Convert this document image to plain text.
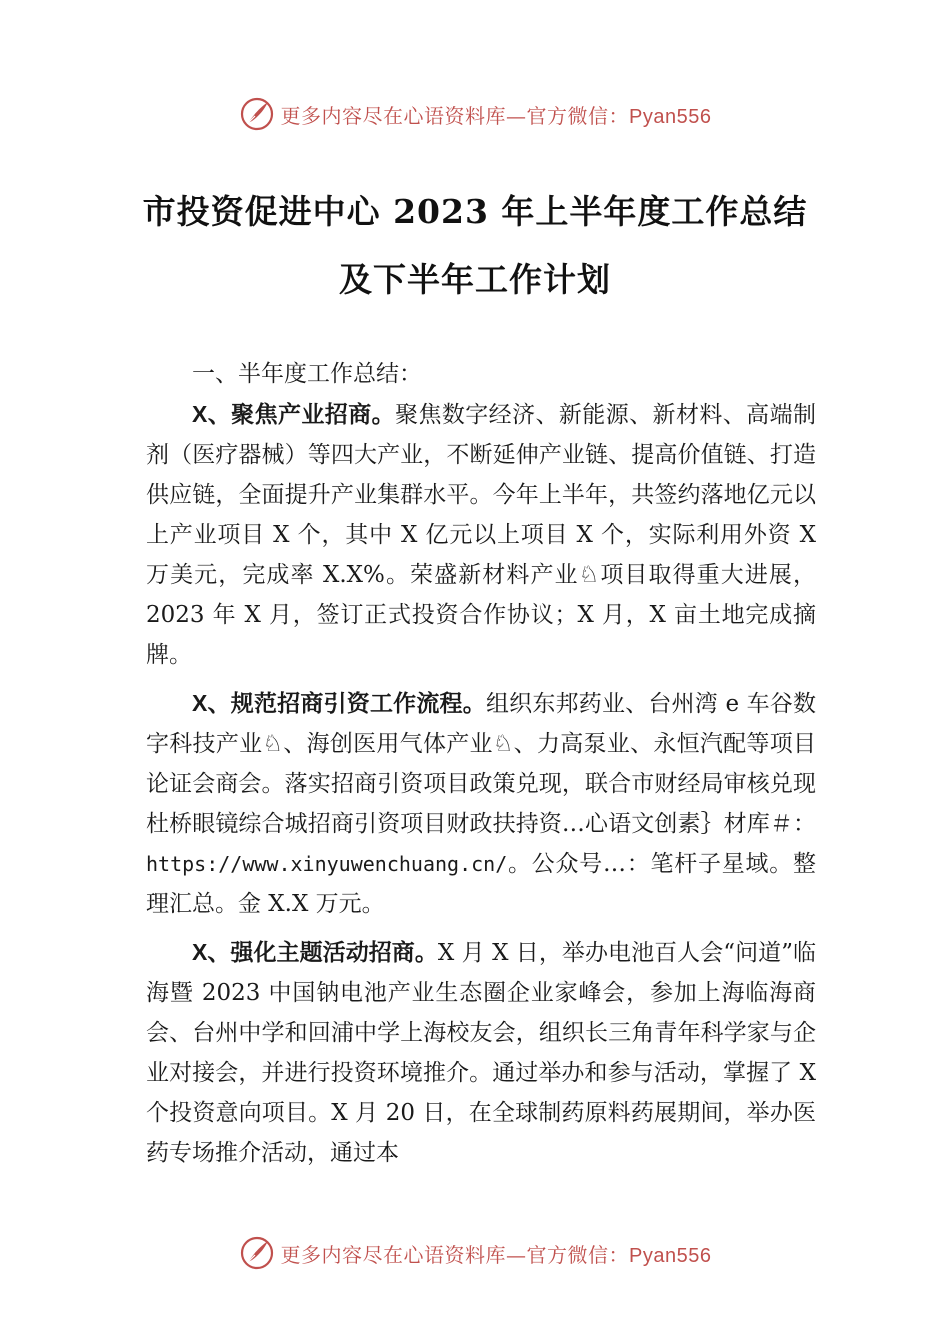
更多内容尽在心语资料库—官方微信：Pyan556
市投资促进中心 2023 年上半年度工作总结
及下半年工作计划

一、半年度工作总结：

X、聚焦产业招商。聚焦数字经济、新能源、新材料、高端制剂（医疗器械）等四大产业，不断延伸产业链、提高价值链、打造供应链，全面提升产业集群水平。今年上半年，共签约落地亿元以上产业项目 X 个，其中 X 亿元以上项目 X 个，实际利用外资 X 万美元，完成率 X.X%。荣盛新材料产业♘项目取得重大进展，2023 年 X 月，签订正式投资合作协议；X 月，X 亩土地完成摘牌。

X、规范招商引资工作流程。组织东邦药业、台州湾 e 车谷数字科技产业♘、海创医用气体产业♘、力高泵业、永恒汽配等项目论证会商会。落实招商引资项目政策兑现，联合市财经局审核兑现杜桥眼镜综合城招商引资项目财政扶持资…心语文创素｝材库＃：https://www.xinyuwenchuang.cn/。公众号…：笔杆子星域。整理汇总。金 X.X 万元。

X、强化主题活动招商。X 月 X 日，举办电池百人会“问道”临海暨 2023 中国钠电池产业生态圈企业家峰会，参加上海临海商会、台州中学和回浦中学上海校友会，组织长三角青年科学家与企业对接会，并进行投资环境推介。通过举办和参与活动，掌握了 X 个投资意向项目。X 月 20 日，在全球制药原料药展期间，举办医药专场推介活动，通过本

更多内容尽在心语资料库—官方微信：Pyan556
